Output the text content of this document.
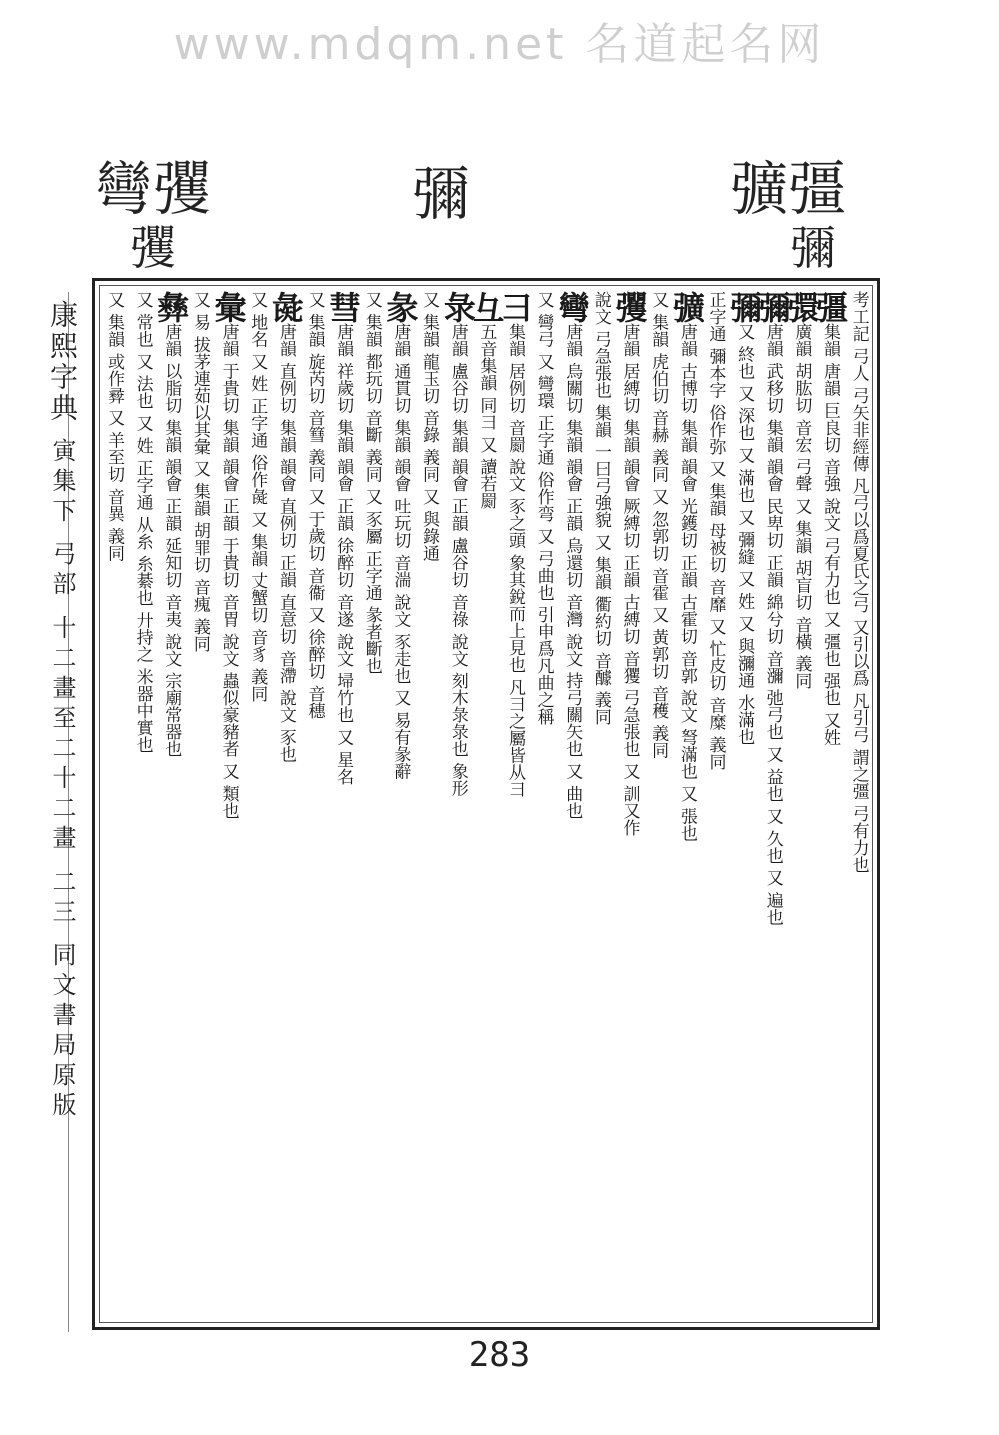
www.mdqm.net 名道起名网
彍彊
彌
彌
彎彏
彏
康熙字典 寅集下 弓部 十二畫至二十二畫 二三 同文書局原版
考工記 弓人 弓矢非經傳 凡弓以爲夏氏之弓 又引以爲 凡引弓 謂之彊 弓有力也
彊集韻 唐韻 巨良切 音強 說文 弓有力也 又 彊也 强也 又姓
彋廣韻 胡肱切 音宏 弓聲 又 集韻 胡盲切 音橫 義同
彌唐韻 武移切 集韻 韻會 民卑切 正韻 綿兮切 音瀰 弛弓也 又 益也 又 久也 又 遍也
彌又 終也 又 深也 又 滿也 又 彌縫 又 姓 又 與瀰通 水滿也
正字通 彌本字 俗作弥 又 集韻 母被切 音靡 又 忙皮切 音糜 義同
彍唐韻 古博切 集韻 韻會 光鑊切 正韻 古霍切 音郭 說文 弩滿也 又 張也
又 集韻 虎伯切 音赫 義同 又 忽郭切 音霍 又 黃郭切 音穫 義同
彏唐韻 居縛切 集韻 韻會 厥縛切 正韻 古縛切 音玃 弓急張也 又 訓又作
說文 弓急張也 集韻 一曰弓強貌 又 集韻 衢約切 音醵 義同
彎唐韻 烏關切 集韻 韻會 正韻 烏還切 音灣 說文 持弓關矢也 又 曲也
又 彎弓 又 彎環 正字通 俗作弯 又 弓曲也 引申爲凡曲之稱
彐集韻 居例切 音罽 說文 豕之頭 象其銳而上見也 凡彐之屬皆从彐
彑五音集韻 同彐 又 讀若罽
彔唐韻 盧谷切 集韻 韻會 正韻 盧谷切 音祿 說文 刻木彔彔也 象形
又 集韻 龍玉切 音錄 義同 又 與錄通
彖唐韻 通貫切 集韻 韻會 吐玩切 音湍 說文 豕走也 又 易有彖辭
又 集韻 都玩切 音斷 義同 又 豕屬 正字通 彖者斷也
彗唐韻 祥歲切 集韻 韻會 正韻 徐醉切 音遂 說文 埽竹也 又 星名
又 集韻 旋芮切 音篲 義同 又 于歲切 音衞 又 徐醉切 音穗
彘唐韻 直例切 集韻 韻會 直例切 正韻 直意切 音滯 說文 豕也
又 地名 又 姓 正字通 俗作彘 又 集韻 丈蟹切 音豸 義同
彙唐韻 于貴切 集韻 韻會 正韻 于貴切 音胃 說文 蟲似豪豬者 又 類也
又 易 拔茅連茹以其彙 又 集韻 胡罪切 音瘣 義同
彝唐韻 以脂切 集韻 韻會 正韻 延知切 音夷 說文 宗廟常器也
又 常也 又 法也 又 姓 正字通 从糸 糸綦也 廾持之 米器中實也
又 集韻 或作彛 又 羊至切 音異 義同
283
